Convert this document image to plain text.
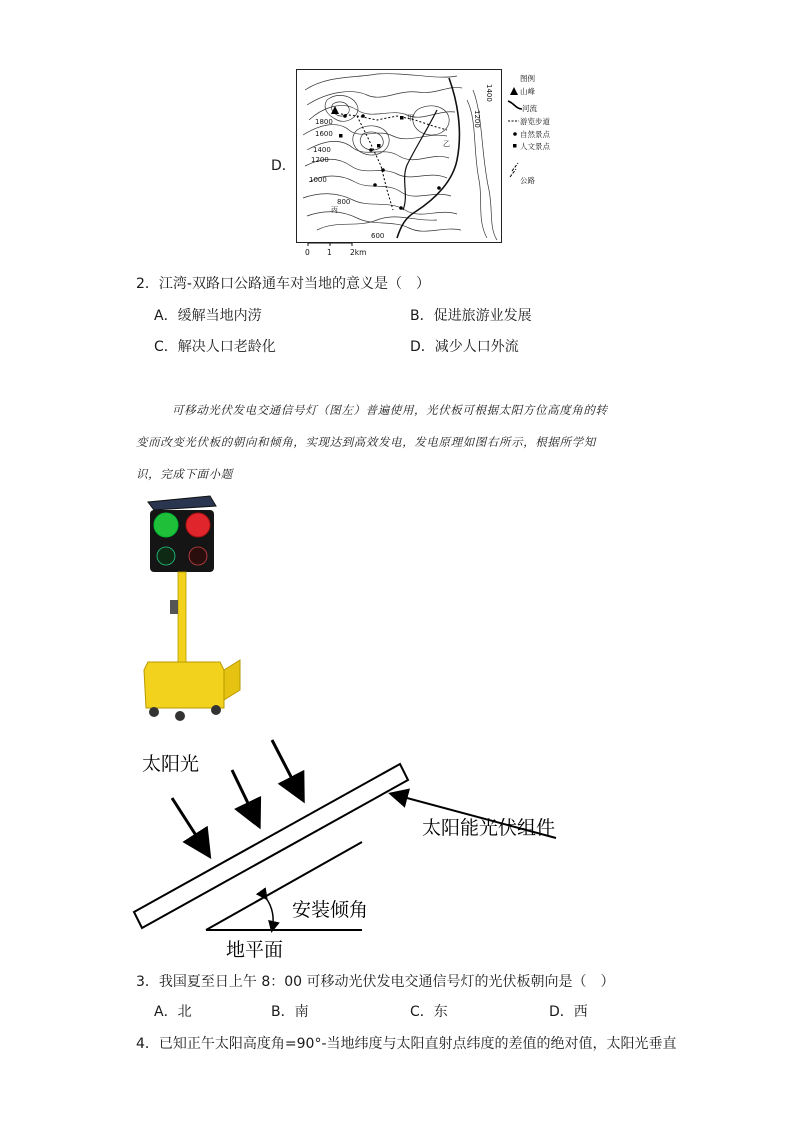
D．
1800
1600
1400
1200
1000
800
600
1200
1400
甲
丙
乙
图例
山峰
河流
游览步道
自然景点
人文景点
公路
0 1 2km
2．江湾-双路口公路通车对当地的意义是（　）
A．缓解当地内涝	B．促进旅游业发展
C．解决人口老龄化	D．减少人口外流
可移动光伏发电交通信号灯（图左）普遍使用，光伏板可根据太阳方位高度角的转
变而改变光伏板的朝向和倾角，实现达到高效发电，发电原理如图右所示，根据所学知
识，完成下面小题
太阳光
太阳能光伏组件
安装倾角
地平面
3．我国夏至日上午 8：00 可移动光伏发电交通信号灯的光伏板朝向是（　）
A．北	B．南	C．东	D．西
4．已知正午太阳高度角=90°-当地纬度与太阳直射点纬度的差值的绝对值，太阳光垂直
